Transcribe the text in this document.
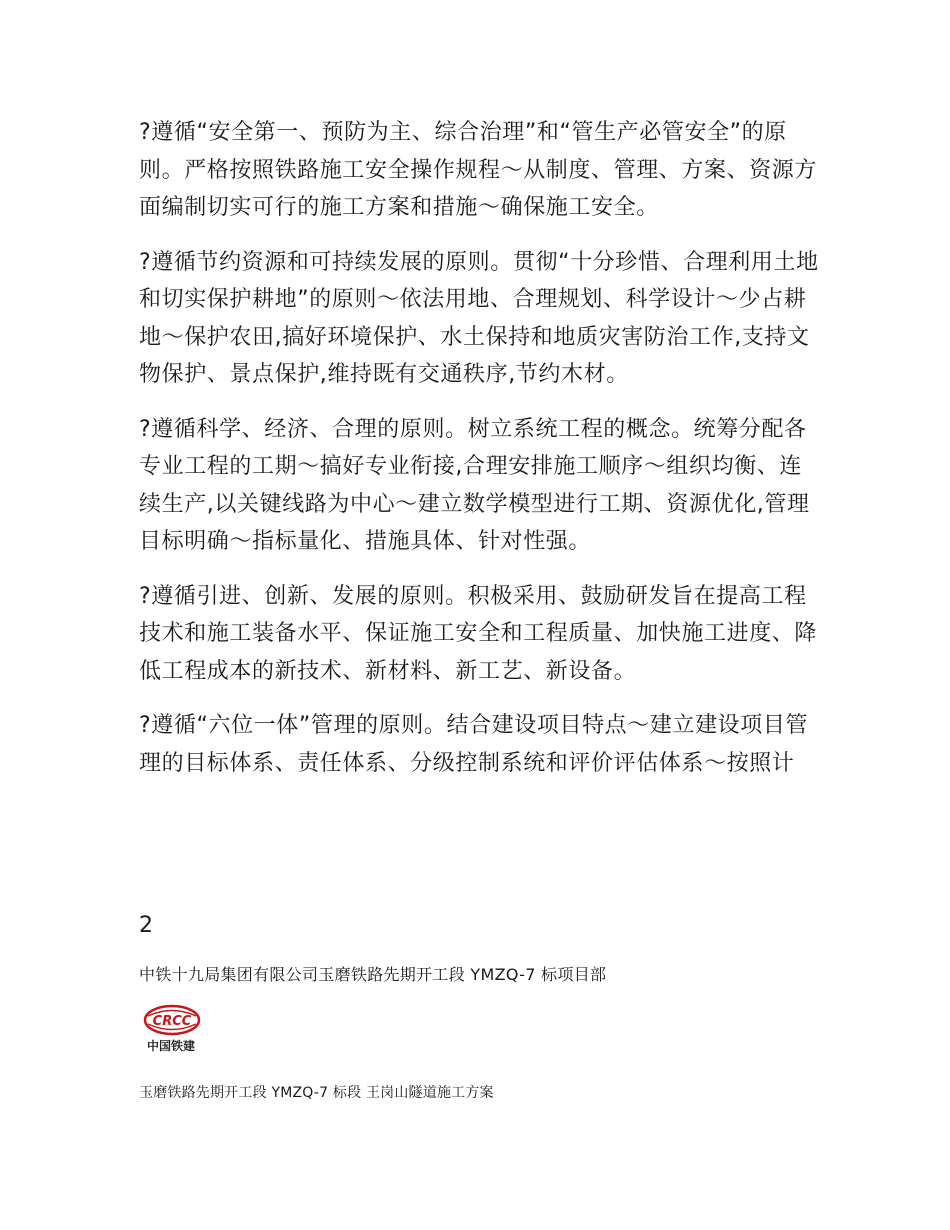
?遵循“安全第一、预防为主、综合治理”和“管生产必管安全”的原则。严格按照铁路施工安全操作规程～从制度、管理、方案、资源方面编制切实可行的施工方案和措施～确保施工安全。

?遵循节约资源和可持续发展的原则。贯彻“十分珍惜、合理利用土地和切实保护耕地”的原则～依法用地、合理规划、科学设计～少占耕地～保护农田,搞好环境保护、水土保持和地质灾害防治工作,支持文物保护、景点保护,维持既有交通秩序,节约木材。

?遵循科学、经济、合理的原则。树立系统工程的概念。统筹分配各专业工程的工期～搞好专业衔接,合理安排施工顺序～组织均衡、连续生产,以关键线路为中心～建立数学模型进行工期、资源优化,管理目标明确～指标量化、措施具体、针对性强。

?遵循引进、创新、发展的原则。积极采用、鼓励研发旨在提高工程技术和施工装备水平、保证施工安全和工程质量、加快施工进度、降低工程成本的新技术、新材料、新工艺、新设备。

?遵循“六位一体”管理的原则。结合建设项目特点～建立建设项目管理的目标体系、责任体系、分级控制系统和评价评估体系～按照计

2
中铁十九局集团有限公司玉磨铁路先期开工段 YMZQ-7 标项目部
CRCC
中国铁建
玉磨铁路先期开工段 YMZQ-7 标段 王岗山隧道施工方案
